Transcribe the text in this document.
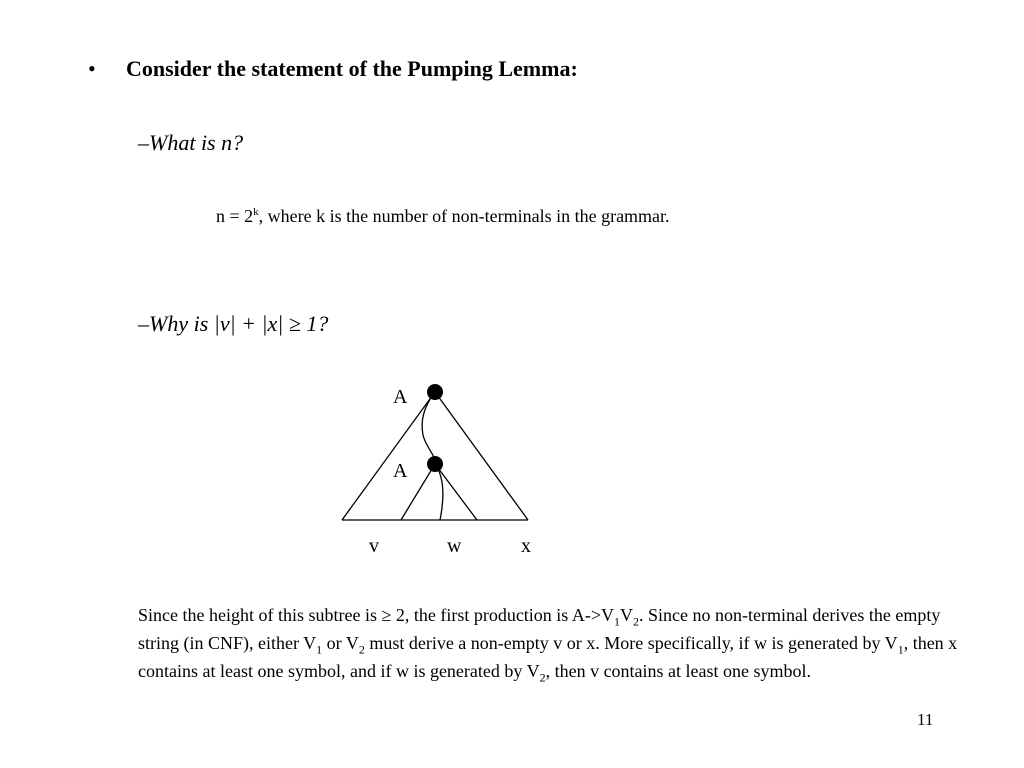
• Consider the statement of the Pumping Lemma:
–What is n?
$n = 2^k$, where k is the number of non-terminals in the grammar.
–Why is |v| + |x| ≥ 1?
A
A
v	w	x
Since the height of this subtree is ≥ 2, the first production is $A->V_1V_2$. Since no non-terminal derives the empty string (in CNF), either $V_1$ or $V_2$ must derive a non-empty v or x. More specifically, if w is generated by $V_1$, then x contains at least one symbol, and if w is generated by $V_2$, then v contains at least one symbol.
11
